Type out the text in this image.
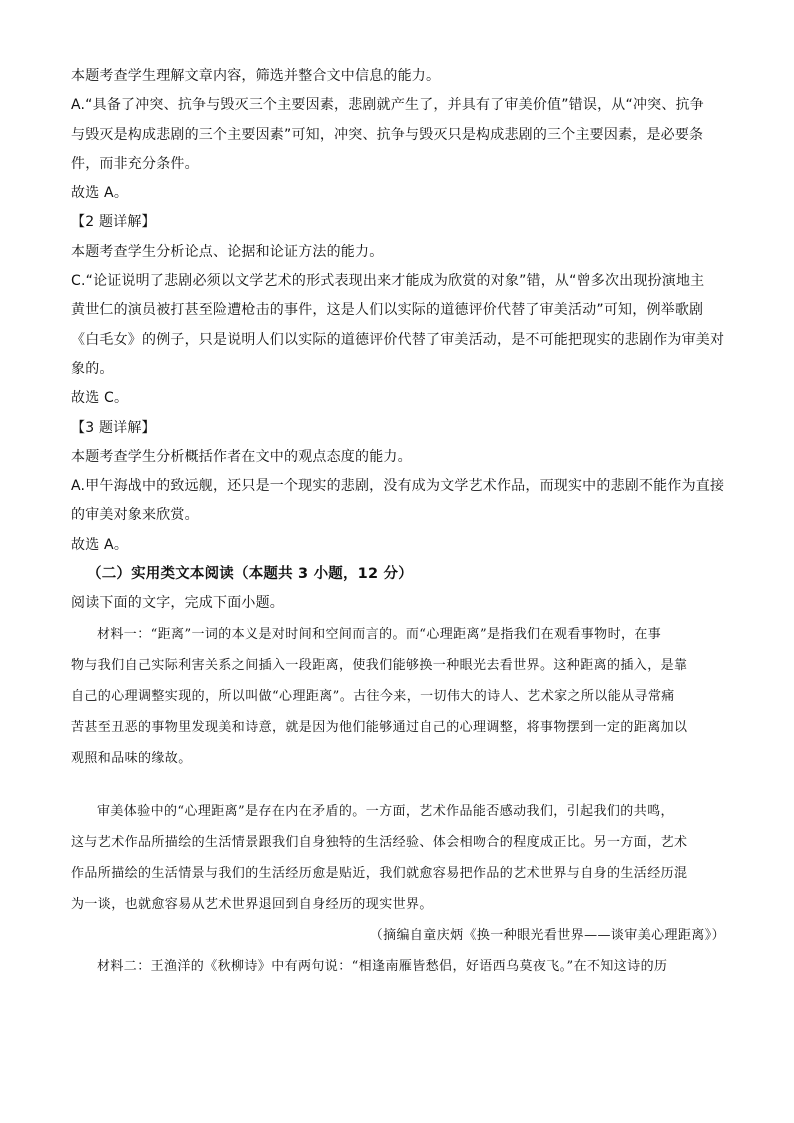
本题考查学生理解文章内容，筛选并整合文中信息的能力。
A.“具备了冲突、抗争与毁灭三个主要因素，悲剧就产生了，并具有了审美价值”错误，从“冲突、抗争
与毁灭是构成悲剧的三个主要因素”可知，冲突、抗争与毁灭只是构成悲剧的三个主要因素，是必要条
件，而非充分条件。
故选 A。
【2 题详解】
本题考查学生分析论点、论据和论证方法的能力。
C.“论证说明了悲剧必须以文学艺术的形式表现出来才能成为欣赏的对象”错，从“曾多次出现扮演地主
黄世仁的演员被打甚至险遭枪击的事件，这是人们以实际的道德评价代替了审美活动”可知，例举歌剧
《白毛女》的例子，只是说明人们以实际的道德评价代替了审美活动，是不可能把现实的悲剧作为审美对
象的。
故选 C。
【3 题详解】
本题考查学生分析概括作者在文中的观点态度的能力。
A.甲午海战中的致远舰，还只是一个现实的悲剧，没有成为文学艺术作品，而现实中的悲剧不能作为直接
的审美对象来欣赏。
故选 A。
（二）实用类文本阅读（本题共 3 小题，12 分）
阅读下面的文字，完成下面小题。
材料一：“距离”一词的本义是对时间和空间而言的。而“心理距离”是指我们在观看事物时，在事
物与我们自己实际利害关系之间插入一段距离，使我们能够换一种眼光去看世界。这种距离的插入，是靠
自己的心理调整实现的，所以叫做“心理距离”。古往今来，一切伟大的诗人、艺术家之所以能从寻常痛
苦甚至丑恶的事物里发现美和诗意，就是因为他们能够通过自己的心理调整，将事物摆到一定的距离加以
观照和品味的缘故。
审美体验中的“心理距离”是存在内在矛盾的。一方面，艺术作品能否感动我们，引起我们的共鸣，
这与艺术作品所描绘的生活情景跟我们自身独特的生活经验、体会相吻合的程度成正比。另一方面，艺术
作品所描绘的生活情景与我们的生活经历愈是贴近，我们就愈容易把作品的艺术世界与自身的生活经历混
为一谈，也就愈容易从艺术世界退回到自身经历的现实世界。
（摘编自童庆炳《换一种眼光看世界——谈审美心理距离》）
材料二：王渔洋的《秋柳诗》中有两句说：“相逢南雁皆愁侣，好语西乌莫夜飞。”在不知这诗的历
